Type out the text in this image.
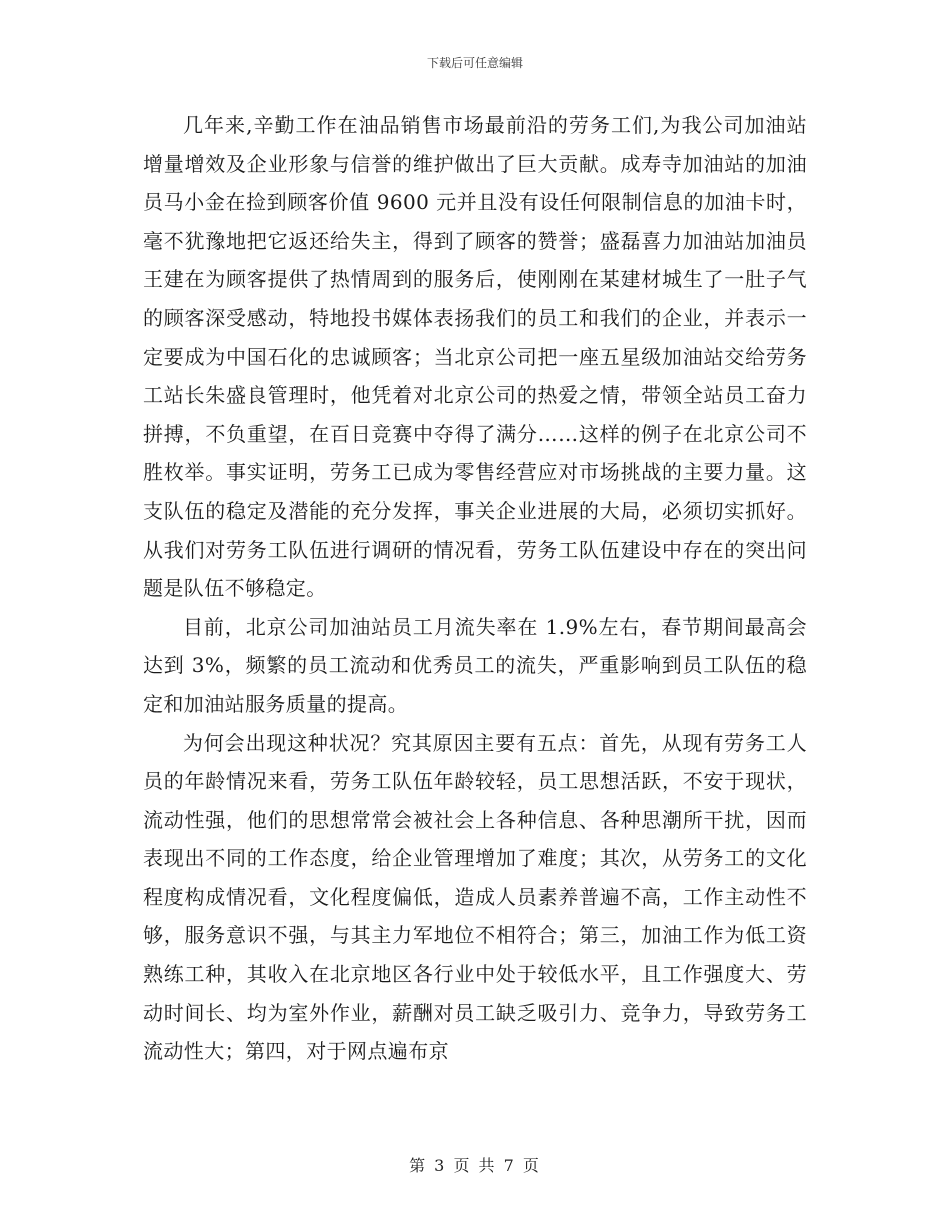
下载后可任意编辑

几年来,辛勤工作在油品销售市场最前沿的劳务工们,为我公司加油站增量增效及企业形象与信誉的维护做出了巨大贡献。成寿寺加油站的加油员马小金在捡到顾客价值 9600 元并且没有设任何限制信息的加油卡时，毫不犹豫地把它返还给失主，得到了顾客的赞誉；盛磊喜力加油站加油员王建在为顾客提供了热情周到的服务后，使刚刚在某建材城生了一肚子气的顾客深受感动，特地投书媒体表扬我们的员工和我们的企业，并表示一定要成为中国石化的忠诚顾客；当北京公司把一座五星级加油站交给劳务工站长朱盛良管理时，他凭着对北京公司的热爱之情，带领全站员工奋力拼搏，不负重望，在百日竞赛中夺得了满分……这样的例子在北京公司不胜枚举。事实证明，劳务工已成为零售经营应对市场挑战的主要力量。这支队伍的稳定及潜能的充分发挥，事关企业进展的大局，必须切实抓好。从我们对劳务工队伍进行调研的情况看，劳务工队伍建设中存在的突出问题是队伍不够稳定。

目前，北京公司加油站员工月流失率在 1.9%左右，春节期间最高会达到 3%，频繁的员工流动和优秀员工的流失，严重影响到员工队伍的稳定和加油站服务质量的提高。

为何会出现这种状况？究其原因主要有五点：首先，从现有劳务工人员的年龄情况来看，劳务工队伍年龄较轻，员工思想活跃，不安于现状，流动性强，他们的思想常常会被社会上各种信息、各种思潮所干扰，因而表现出不同的工作态度，给企业管理增加了难度；其次，从劳务工的文化程度构成情况看，文化程度偏低，造成人员素养普遍不高，工作主动性不够，服务意识不强，与其主力军地位不相符合；第三，加油工作为低工资熟练工种，其收入在北京地区各行业中处于较低水平，且工作强度大、劳动时间长、均为室外作业，薪酬对员工缺乏吸引力、竞争力，导致劳务工流动性大；第四，对于网点遍布京

第 3 页 共 7 页
